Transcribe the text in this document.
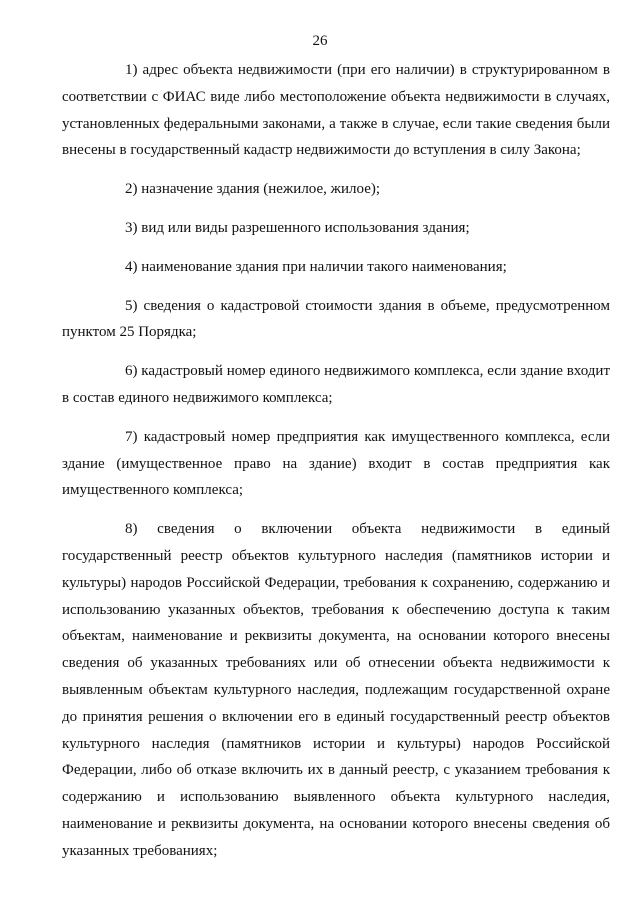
26

1) адрес объекта недвижимости (при его наличии) в структурированном в соответствии с ФИАС виде либо местоположение объекта недвижимости в случаях, установленных федеральными законами, а также в случае, если такие сведения были внесены в государственный кадастр недвижимости до вступления в силу Закона;

2) назначение здания (нежилое, жилое);

3) вид или виды разрешенного использования здания;

4) наименование здания при наличии такого наименования;

5) сведения о кадастровой стоимости здания в объеме, предусмотренном пунктом 25 Порядка;

6) кадастровый номер единого недвижимого комплекса, если здание входит в состав единого недвижимого комплекса;

7) кадастровый номер предприятия как имущественного комплекса, если здание (имущественное право на здание) входит в состав предприятия как имущественного комплекса;

8) сведения о включении объекта недвижимости в единый государственный реестр объектов культурного наследия (памятников истории и культуры) народов Российской Федерации, требования к сохранению, содержанию и использованию указанных объектов, требования к обеспечению доступа к таким объектам, наименование и реквизиты документа, на основании которого внесены сведения об указанных требованиях или об отнесении объекта недвижимости к выявленным объектам культурного наследия, подлежащим государственной охране до принятия решения о включении его в единый государственный реестр объектов культурного наследия (памятников истории и культуры) народов Российской Федерации, либо об отказе включить их в данный реестр, с указанием требования к содержанию и использованию выявленного объекта культурного наследия, наименование и реквизиты документа, на основании которого внесены сведения об указанных требованиях;
